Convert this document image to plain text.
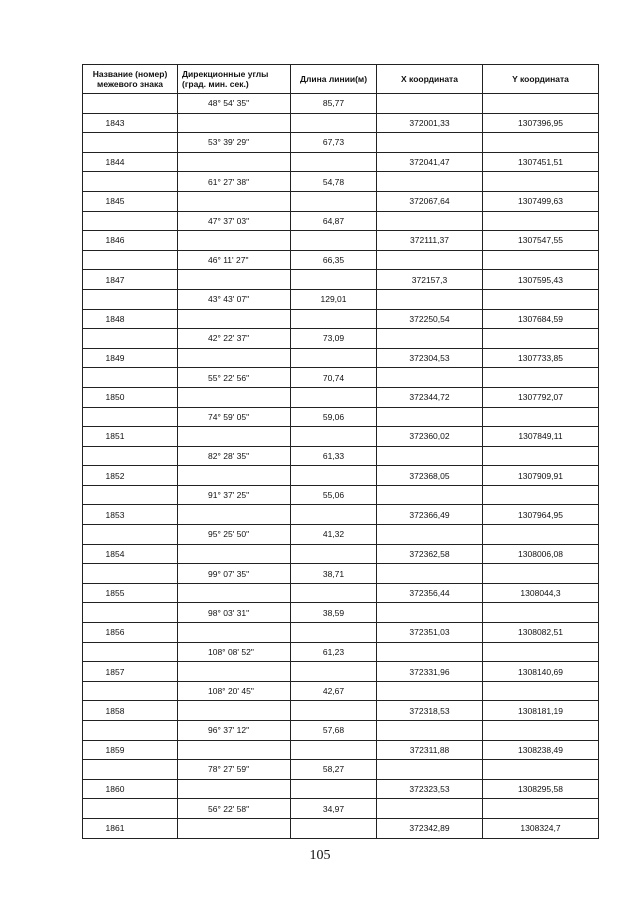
Название (номер) межевого знака	Дирекционные углы (град. мин. сек.)	Длина линии(м)	X координата	Y координата
	48° 54' 35"	85,77		
1843			372001,33	1307396,95
	53° 39' 29"	67,73		
1844			372041,47	1307451,51
	61° 27' 38"	54,78		
1845			372067,64	1307499,63
	47° 37' 03"	64,87		
1846			372111,37	1307547,55
	46° 11' 27"	66,35		
1847			372157,3	1307595,43
	43° 43' 07"	129,01		
1848			372250,54	1307684,59
	42° 22' 37"	73,09		
1849			372304,53	1307733,85
	55° 22' 56"	70,74		
1850			372344,72	1307792,07
	74° 59' 05"	59,06		
1851			372360,02	1307849,11
	82° 28' 35"	61,33		
1852			372368,05	1307909,91
	91° 37' 25"	55,06		
1853			372366,49	1307964,95
	95° 25' 50"	41,32		
1854			372362,58	1308006,08
	99° 07' 35"	38,71		
1855			372356,44	1308044,3
	98° 03' 31"	38,59		
1856			372351,03	1308082,51
	108° 08' 52"	61,23		
1857			372331,96	1308140,69
	108° 20' 45"	42,67		
1858			372318,53	1308181,19
	96° 37' 12"	57,68		
1859			372311,88	1308238,49
	78° 27' 59"	58,27		
1860			372323,53	1308295,58
	56° 22' 58"	34,97		
1861			372342,89	1308324,7
105
